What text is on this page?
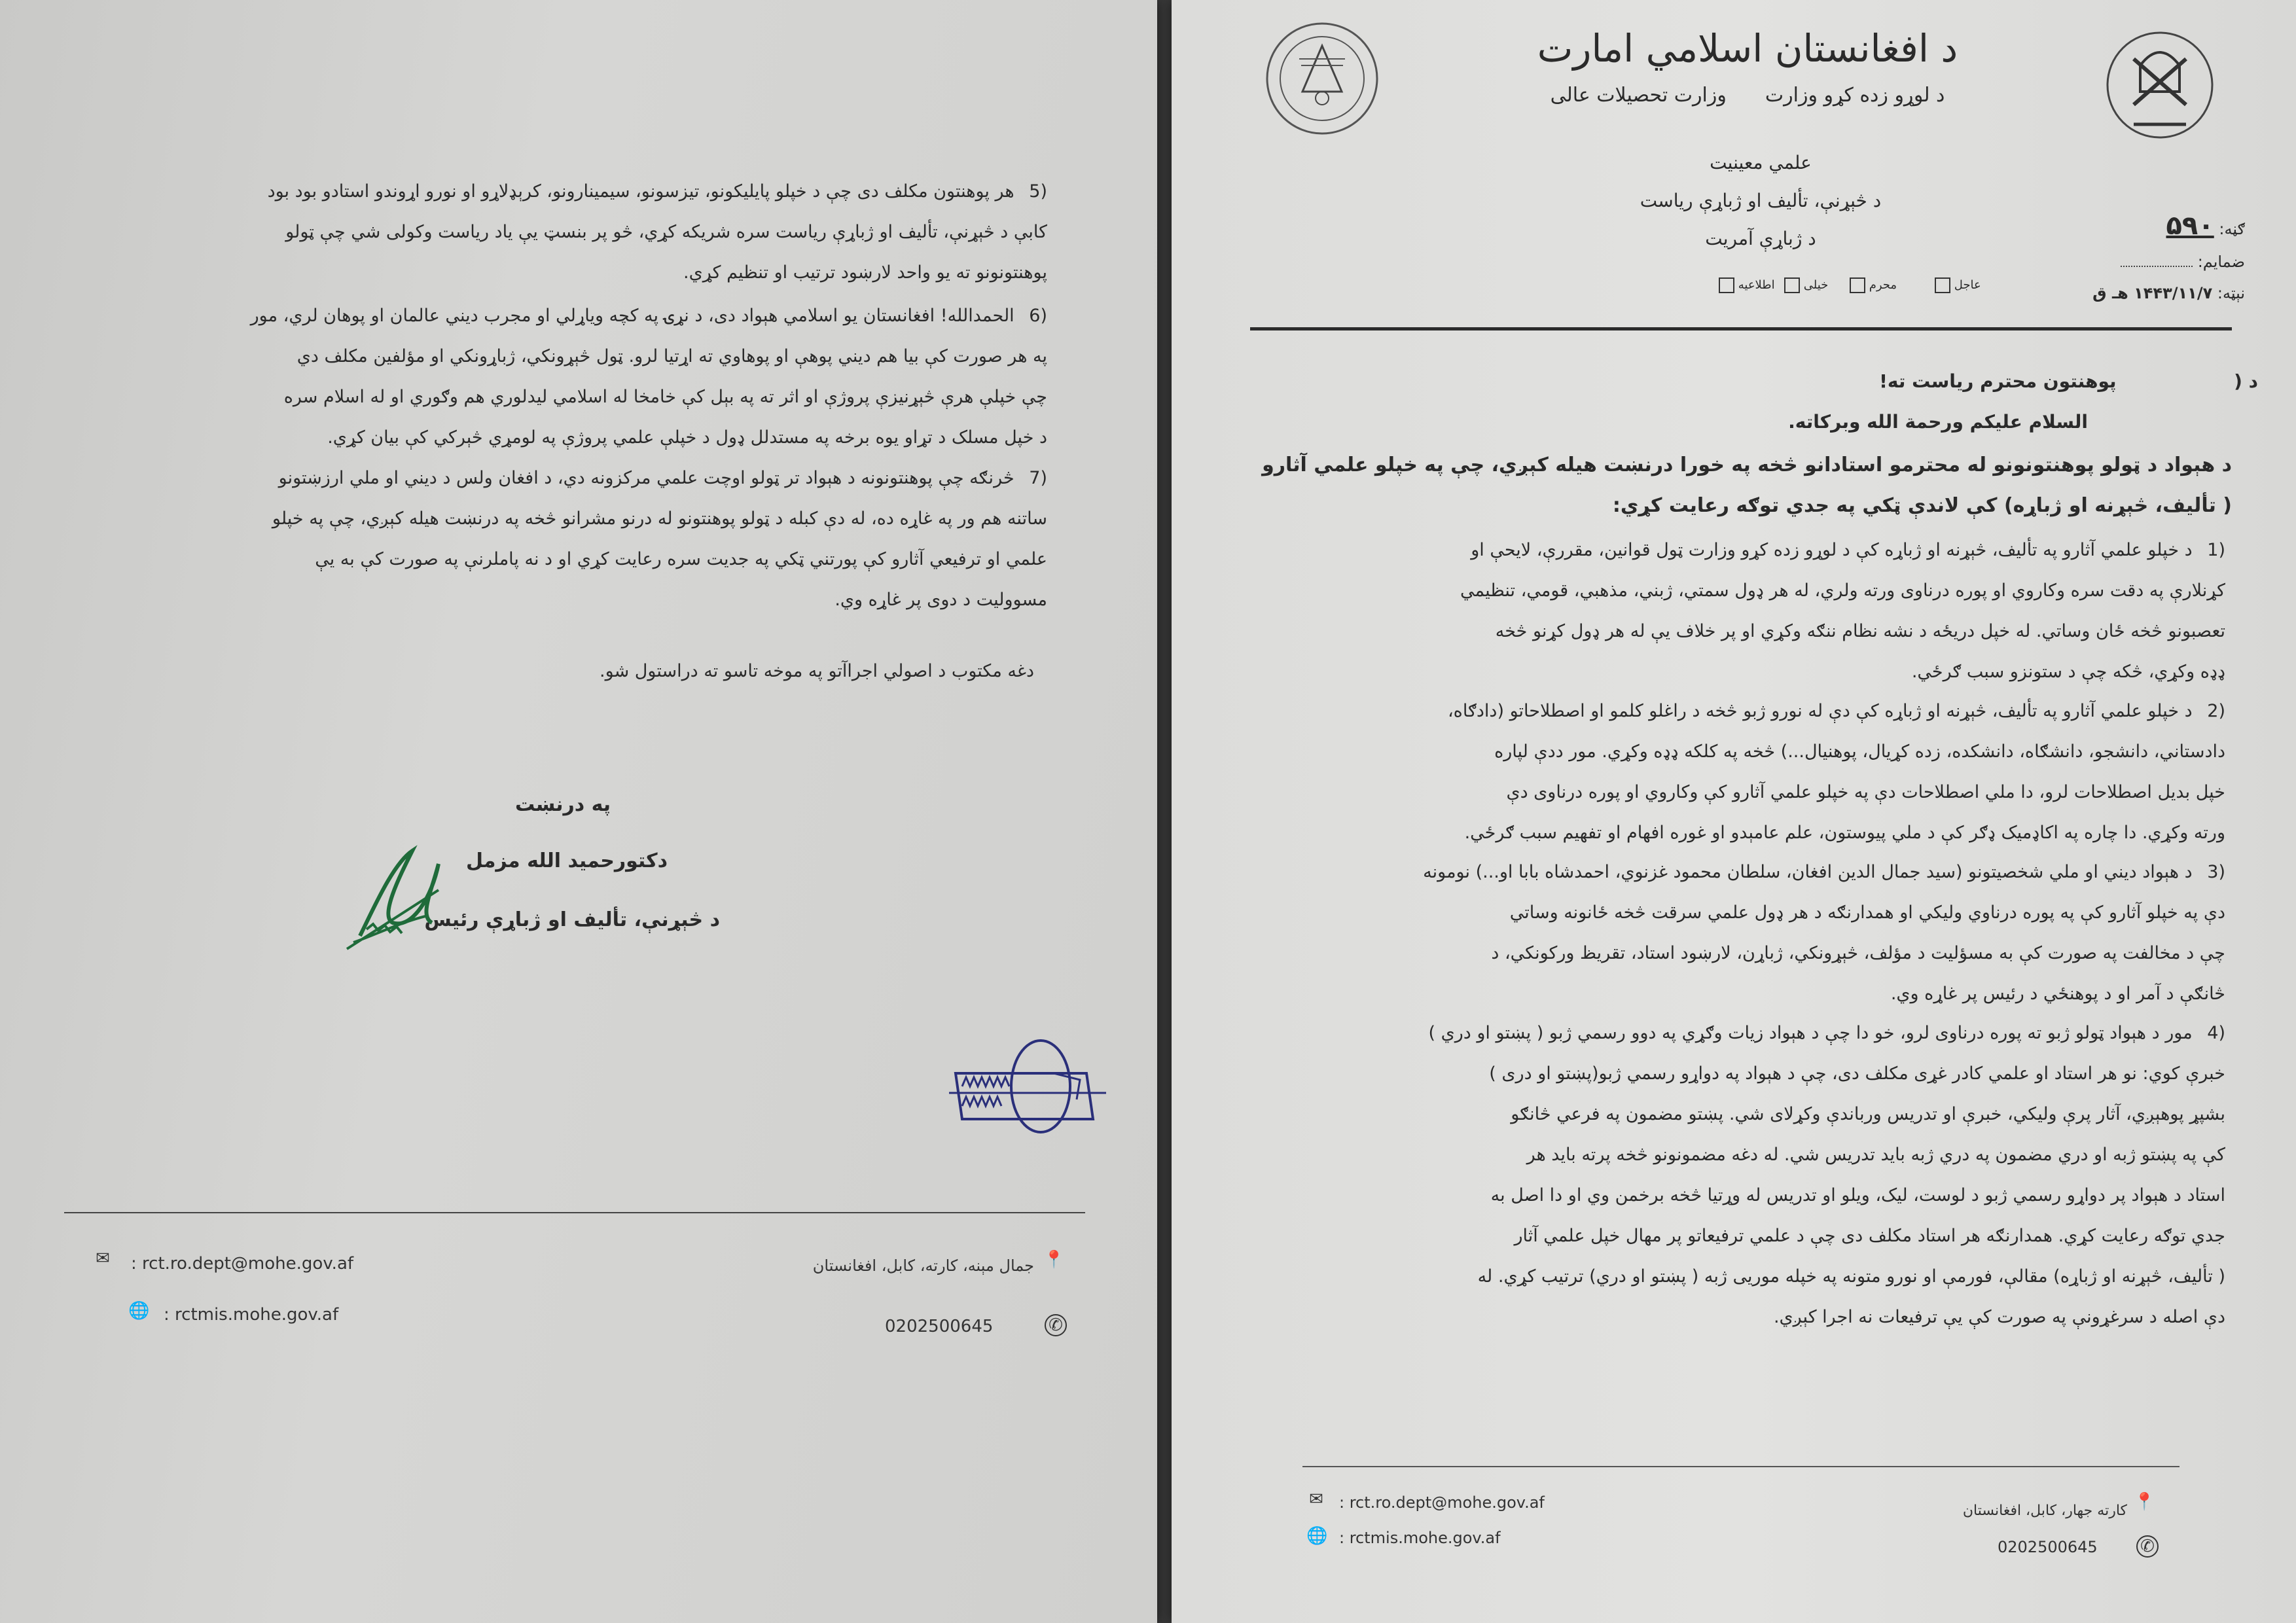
(5 هر پوهنتون مکلف دی چې د خپلو پایلیکونو، تیزسونو، سیمینارونو، کرېډلاړو او نورو اړوندو استادو بود بود
کابې د څېړنې، تألیف او ژباړې ریاست سره شریکه کړي، څو پر بنسټ یې یاد ریاست وکولی شي چې ټولو
پوهنتونونو ته یو واحد لارښود ترتیب او تنظیم کړي.
(6 الحمدالله! افغانستان یو اسلامي هېواد دی، د نړۍ په کچه ویاړلي او مجرب دیني عالمان او پوهان لري، مور
په هر صورت کې بیا هم دیني پوهې او پوهاوي ته اړتیا لرو. ټول څېړونکي، ژباړونکي او مؤلفین مکلف دي
چې خپلې هرې څېړنیزې پروژې او اثر ته په بېل کې خامخا له اسلامي لیدلوري هم وګوري او له اسلام سره
د خپل مسلک د تړاو یوه برخه په مستدلل ډول د خپلې علمي پروژې په لومړي څېرکي کې بیان کړي.
(7 څرنګه چې پوهنتونونه د هېواد تر ټولو اوچت علمي مرکزونه دي، د افغان ولس د دیني او ملي ارزښتونو
ساتنه هم ور په غاړه ده، له دې کبله د ټولو پوهنتونو له درنو مشرانو څخه په درنښت هیله کېږي، چې په خپلو
علمي او ترفیعي آثارو کې پورتني ټکي په جديت سره رعایت کړي او د نه پاملرنې په صورت کې به یې
مسوولیت د دوی پر غاړه وي.
دغه مکتوب د اصولي اجراآتو په موخه تاسو ته دراستول شو.
په درنښت
دکتورحمید الله مزمل
د څېړنې، تألیف او ژباړې رئیس
✉ : rct.ro.dept@mohe.gov.af
🌐 : rctmis.mohe.gov.af
جمال مېنه، کارته، کابل، افغانستان 📍
0202500645	✆
د افغانستان اسلامي امارت
د لوړو زده کړو وزارت  وزارت تحصیلات عالی
علمي معینیت
د څېړنې، تألیف او ژباړې ریاست
د ژباړې آمریت	ګڼه: ۵۹۰
ضمایم:
نېټه: ۱۴۴۳/۱۱/۷ هـ ق
عاجل
محرم
خیلی
اطلاعیه
د (  پوهنتون محترم ریاست ته!
السلام علیکم ورحمة الله وبرکاته.
د هېواد د ټولو پوهنتونونو له محترمو استادانو څخه په خورا درنښت هیله کېږي، چې په خپلو علمي آثارو
( تألیف، څېړنه او ژباړه) کې لاندې ټکي په جدي توګه رعایت کړي:
(1 د خپلو علمي آثارو په تألیف، څېړنه او ژباړه کې د لوړو زده کړو وزارت ټول قوانین، مقررې، لایحې او
کړنلارې په دقت سره وکاروي او پوره درناوی ورته ولري، له هر ډول سمتي، ژبني، مذهبي، قومي، تنظیمي
تعصبونو څخه ځان وساتي. له خپل دریځه د نشه نظام ننګه وکړي او پر خلاف یې له هر ډول کړنو څخه
ډډه وکړي، څکه چې د ستونزو سبب ګرځي.
(2 د خپلو علمي آثارو په تألیف، څېړنه او ژباړه کې دې له نورو ژبو څخه د راغلو کلمو او اصطلاحاتو (دادګاه،
دادستاني، دانشجو، دانشګاه، دانشکده، زده کړیال، پوهنیال...) څخه په کلکه ډډه وکړي. مور ددې لپاره
خپل بدیل اصطلاحات لرو، دا ملي اصطلاحات دې په خپلو علمي آثارو کې وکاروي او پوره درناوی دې
ورته وکړي. دا چاره په اکاډمیک ډګر کې د ملي پیوستون، علم عامېدو او غوره افهام او تفهیم سبب ګرځي.
(3 د هېواد دیني او ملي شخصیتونو (سید جمال الدین افغان، سلطان محمود غزنوي، احمدشاه بابا او...) نومونه
دې په خپلو آثارو کې په پوره درناوي ولیکي او همدارنګه د هر ډول علمي سرقت څخه ځانونه وساتي
چې د مخالفت په صورت کې به مسؤلیت د مؤلف، څېړونکي، ژباړن، لارښود استاد، تقریظ ورکونکي، د
څانګې د آمر او د پوهنځي د رئیس پر غاړه وي.
(4 مور د هېواد ټولو ژبو ته پوره درناوی لرو، خو دا چې د هېواد زیات وګړي په دوو رسمي ژبو ( پښتو او دري )
خبرې کوي: نو هر استاد او علمي کادر غړی مکلف دی، چې د هېواد په دواړو رسمي ژبو(پښتو او دری )
بشپړ پوهېږي، آثار پرې ولیکي، خبرې او تدریس ورباندې وکړلای شي. پښتو مضمون په فرعي څانګو
کې په پښتو ژبه او دري مضمون په دري ژبه باید تدریس شي. له دغه مضمونونو څخه پرته باید هر
استاد د هېواد پر دواړو رسمي ژبو د لوست، لیک، ویلو او تدریس له وړتیا څخه برخمن وي او دا اصل به
جدي توګه رعایت کړي. همدارنګه هر استاد مکلف دی چې د علمي ترفیعاتو پر مهال خپل علمي آثار
( تألیف، څېړنه او ژباړه) مقالې، فورمې او نورو متونه په خپله موریی ژبه ( پښتو او دري) ترتیب کړي. له
دې اصله د سرغړونې په صورت کې یې ترفیعات نه اجرا کېږي.
✉ : rct.ro.dept@mohe.gov.af
🌐 : rctmis.mohe.gov.af
کارته جهار، کابل، افغانستان 📍
0202500645	✆
